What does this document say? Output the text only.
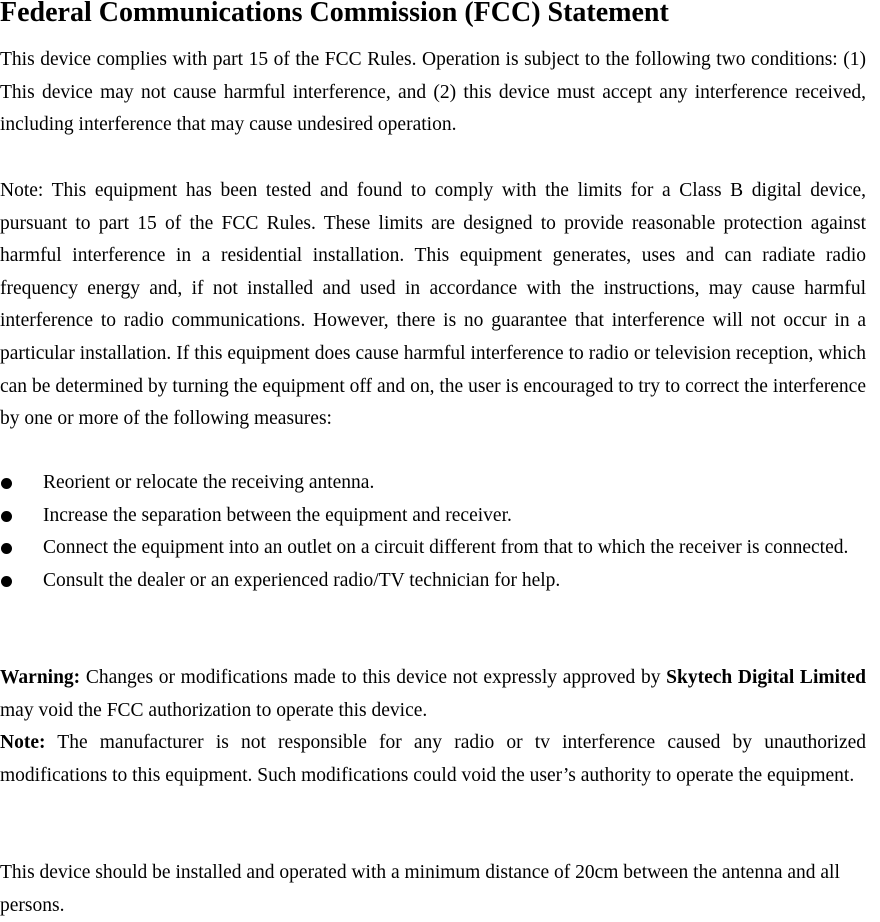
Federal Communications Commission (FCC) Statement

This device complies with part 15 of the FCC Rules. Operation is subject to the following two conditions: (1) This device may not cause harmful interference, and (2) this device must accept any interference received, including interference that may cause undesired operation.

Note: This equipment has been tested and found to comply with the limits for a Class B digital device, pursuant to part 15 of the FCC Rules. These limits are designed to provide reasonable protection against harmful interference in a residential installation. This equipment generates, uses and can radiate radio frequency energy and, if not installed and used in accordance with the instructions, may cause harmful interference to radio communications. However, there is no guarantee that interference will not occur in a particular installation. If this equipment does cause harmful interference to radio or television reception, which can be determined by turning the equipment off and on, the user is encouraged to try to correct the interference by one or more of the following measures:

Reorient or relocate the receiving antenna.
Increase the separation between the equipment and receiver.
Connect the equipment into an outlet on a circuit different from that to which the receiver is connected.
Consult the dealer or an experienced radio/TV technician for help.

Warning: Changes or modifications made to this device not expressly approved by Skytech Digital Limited may void the FCC authorization to operate this device.

Note: The manufacturer is not responsible for any radio or tv interference caused by unauthorized modifications to this equipment. Such modifications could void the user’s authority to operate the equipment.

This device should be installed and operated with a minimum distance of 20cm between the antenna and all persons.
